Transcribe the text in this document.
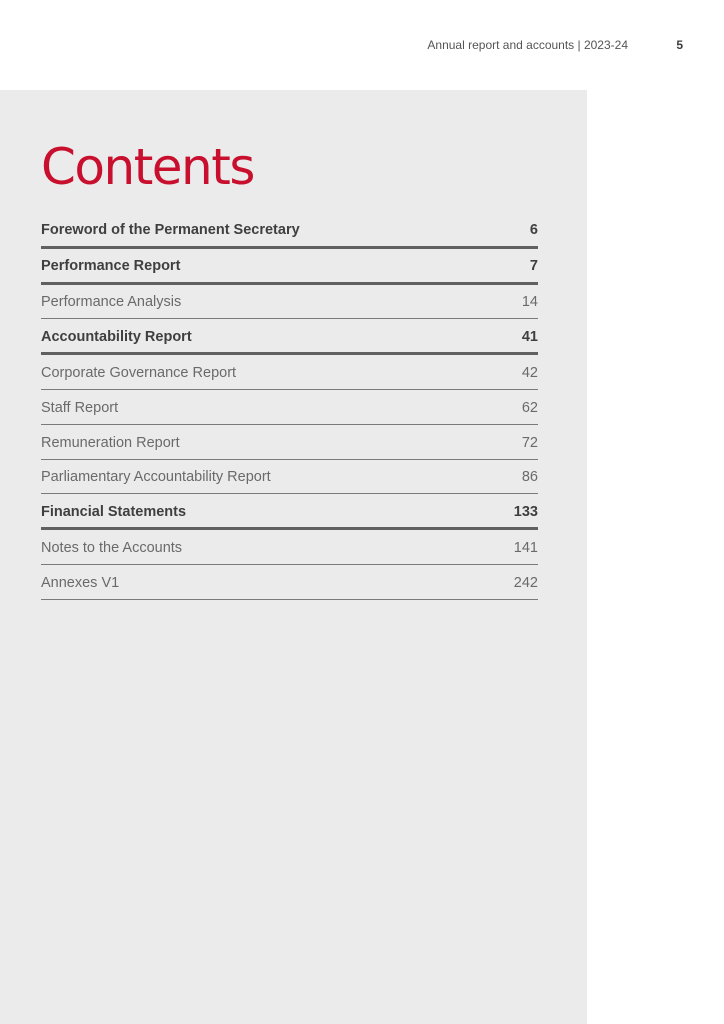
Annual report and accounts | 2023-24	5
Contents
Foreword of the Permanent Secretary	6
Performance Report	7
Performance Analysis	14
Accountability Report	41
Corporate Governance Report	42
Staff Report	62
Remuneration Report	72
Parliamentary Accountability Report	86
Financial Statements	133
Notes to the Accounts	141
Annexes V1	242
